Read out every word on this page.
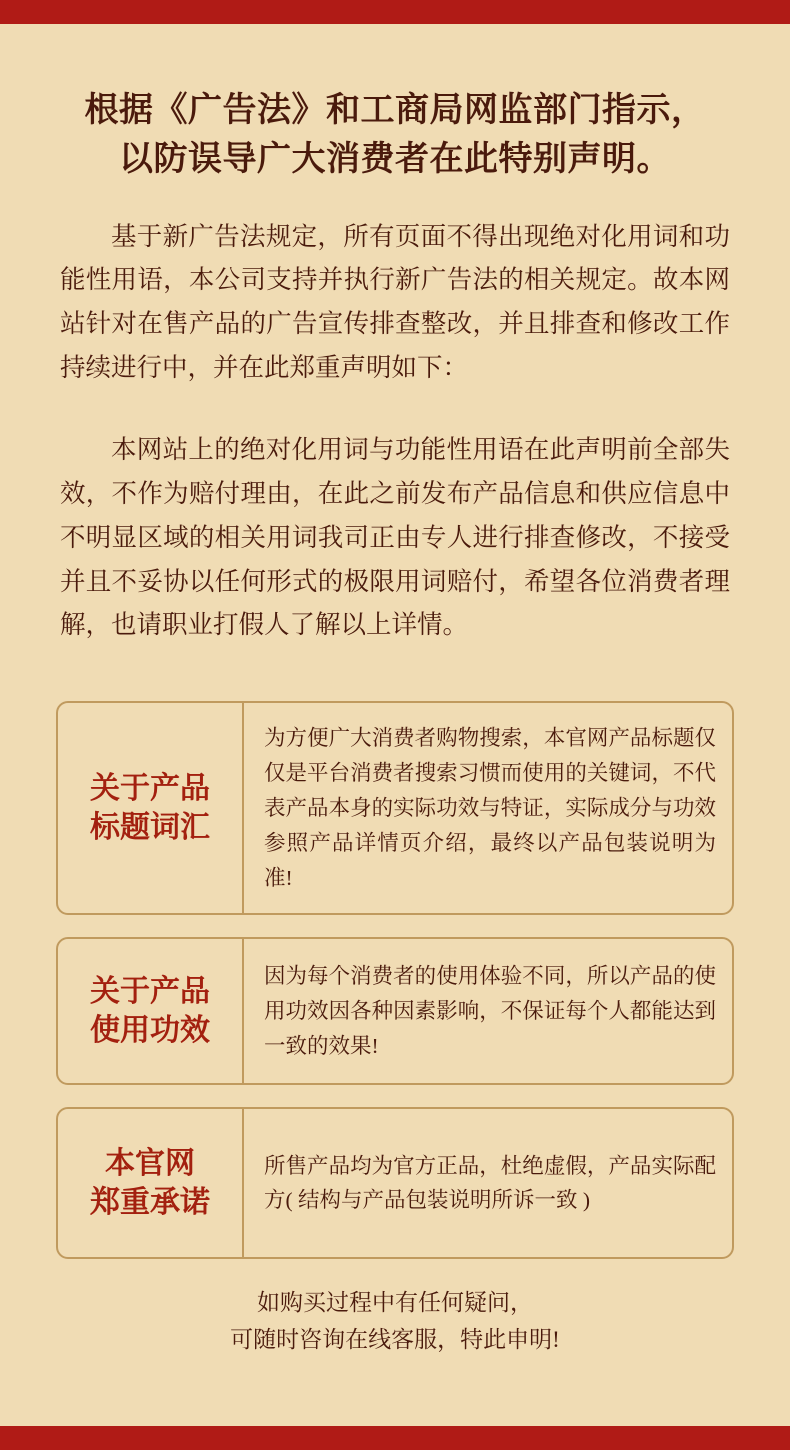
根据《广告法》和工商局网监部门指示，
以防误导广大消费者在此特别声明。

基于新广告法规定，所有页面不得出现绝对化用词和功能性用语，本公司支持并执行新广告法的相关规定。故本网站针对在售产品的广告宣传排查整改，并且排查和修改工作持续进行中，并在此郑重声明如下：

本网站上的绝对化用词与功能性用语在此声明前全部失效，不作为赔付理由，在此之前发布产品信息和供应信息中不明显区域的相关用词我司正由专人进行排查修改，不接受并且不妥协以任何形式的极限用词赔付，希望各位消费者理解，也请职业打假人了解以上详情。

关于产品
标题词汇
为方便广大消费者购物搜索，本官网产品标题仅仅是平台消费者搜索习惯而使用的关键词，不代表产品本身的实际功效与特证，实际成分与功效参照产品详情页介绍，最终以产品包装说明为准!
关于产品
使用功效
因为每个消费者的使用体验不同，所以产品的使用功效因各种因素影响，不保证每个人都能达到一致的效果!
本官网
郑重承诺
所售产品均为官方正品，杜绝虚假，产品实际配方( 结构与产品包装说明所诉一致 )
如购买过程中有任何疑问，
可随时咨询在线客服，特此申明!
